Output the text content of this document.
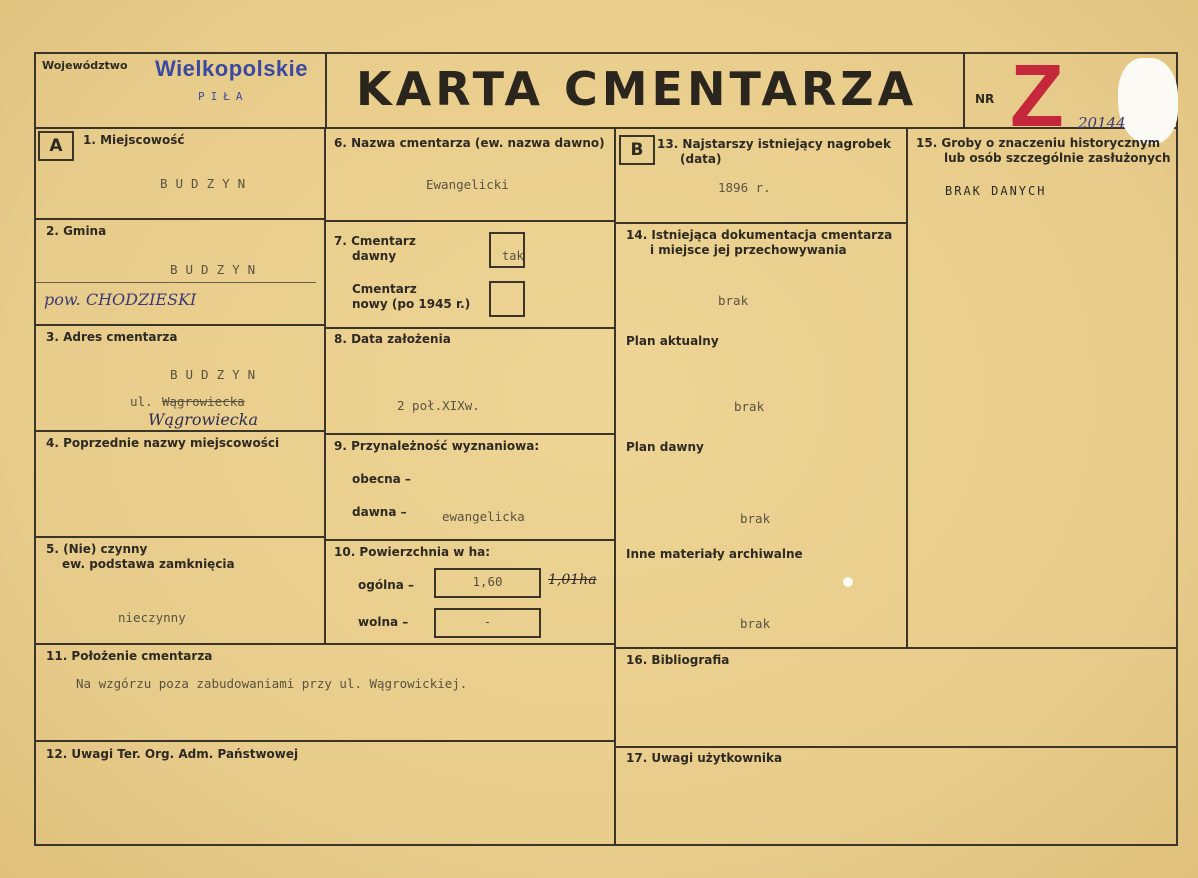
Województwo Wielkopolskie
PIŁA KARTA CMENTARZA	NR Z 20144
A	1. Miejscowość
BUDZYN
2. Gmina
BUDZYN
pow. CHODZIESKI
3. Adres cmentarza
BUDZYN
ul. Wągrowiecka
Wągrowiecka
4. Poprzednie nazwy miejscowości
5. (Nie) czynny
ew. podstawa zamknięcia
nieczynny
6. Nazwa cmentarza (ew. nazwa dawno)
Ewangelicki
7. Cmentarz
dawny	tak
Cmentarz
nowy (po 1945 r.)
8. Data założenia
2 poł.XIXw.
9. Przynależność wyznaniowa:
obecna –
dawna –	ewangelicka
10. Powierzchnia w ha:
ogólna –	1,60	1,01ha
wolna –	-
B	13. Najstarszy istniejący nagrobek
(data)
1896 r.
14. Istniejąca dokumentacja cmentarza
i miejsce jej przechowywania
brak
Plan aktualny
brak
Plan dawny
brak
Inne materiały archiwalne
brak
15. Groby o znaczeniu historycznym
lub osób szczególnie zasłużonych
BRAK DANYCH
11. Położenie cmentarza
Na wzgórzu poza zabudowaniami przy ul. Wągrowickiej.
12. Uwagi Ter. Org. Adm. Państwowej
16. Bibliografia
17. Uwagi użytkownika
